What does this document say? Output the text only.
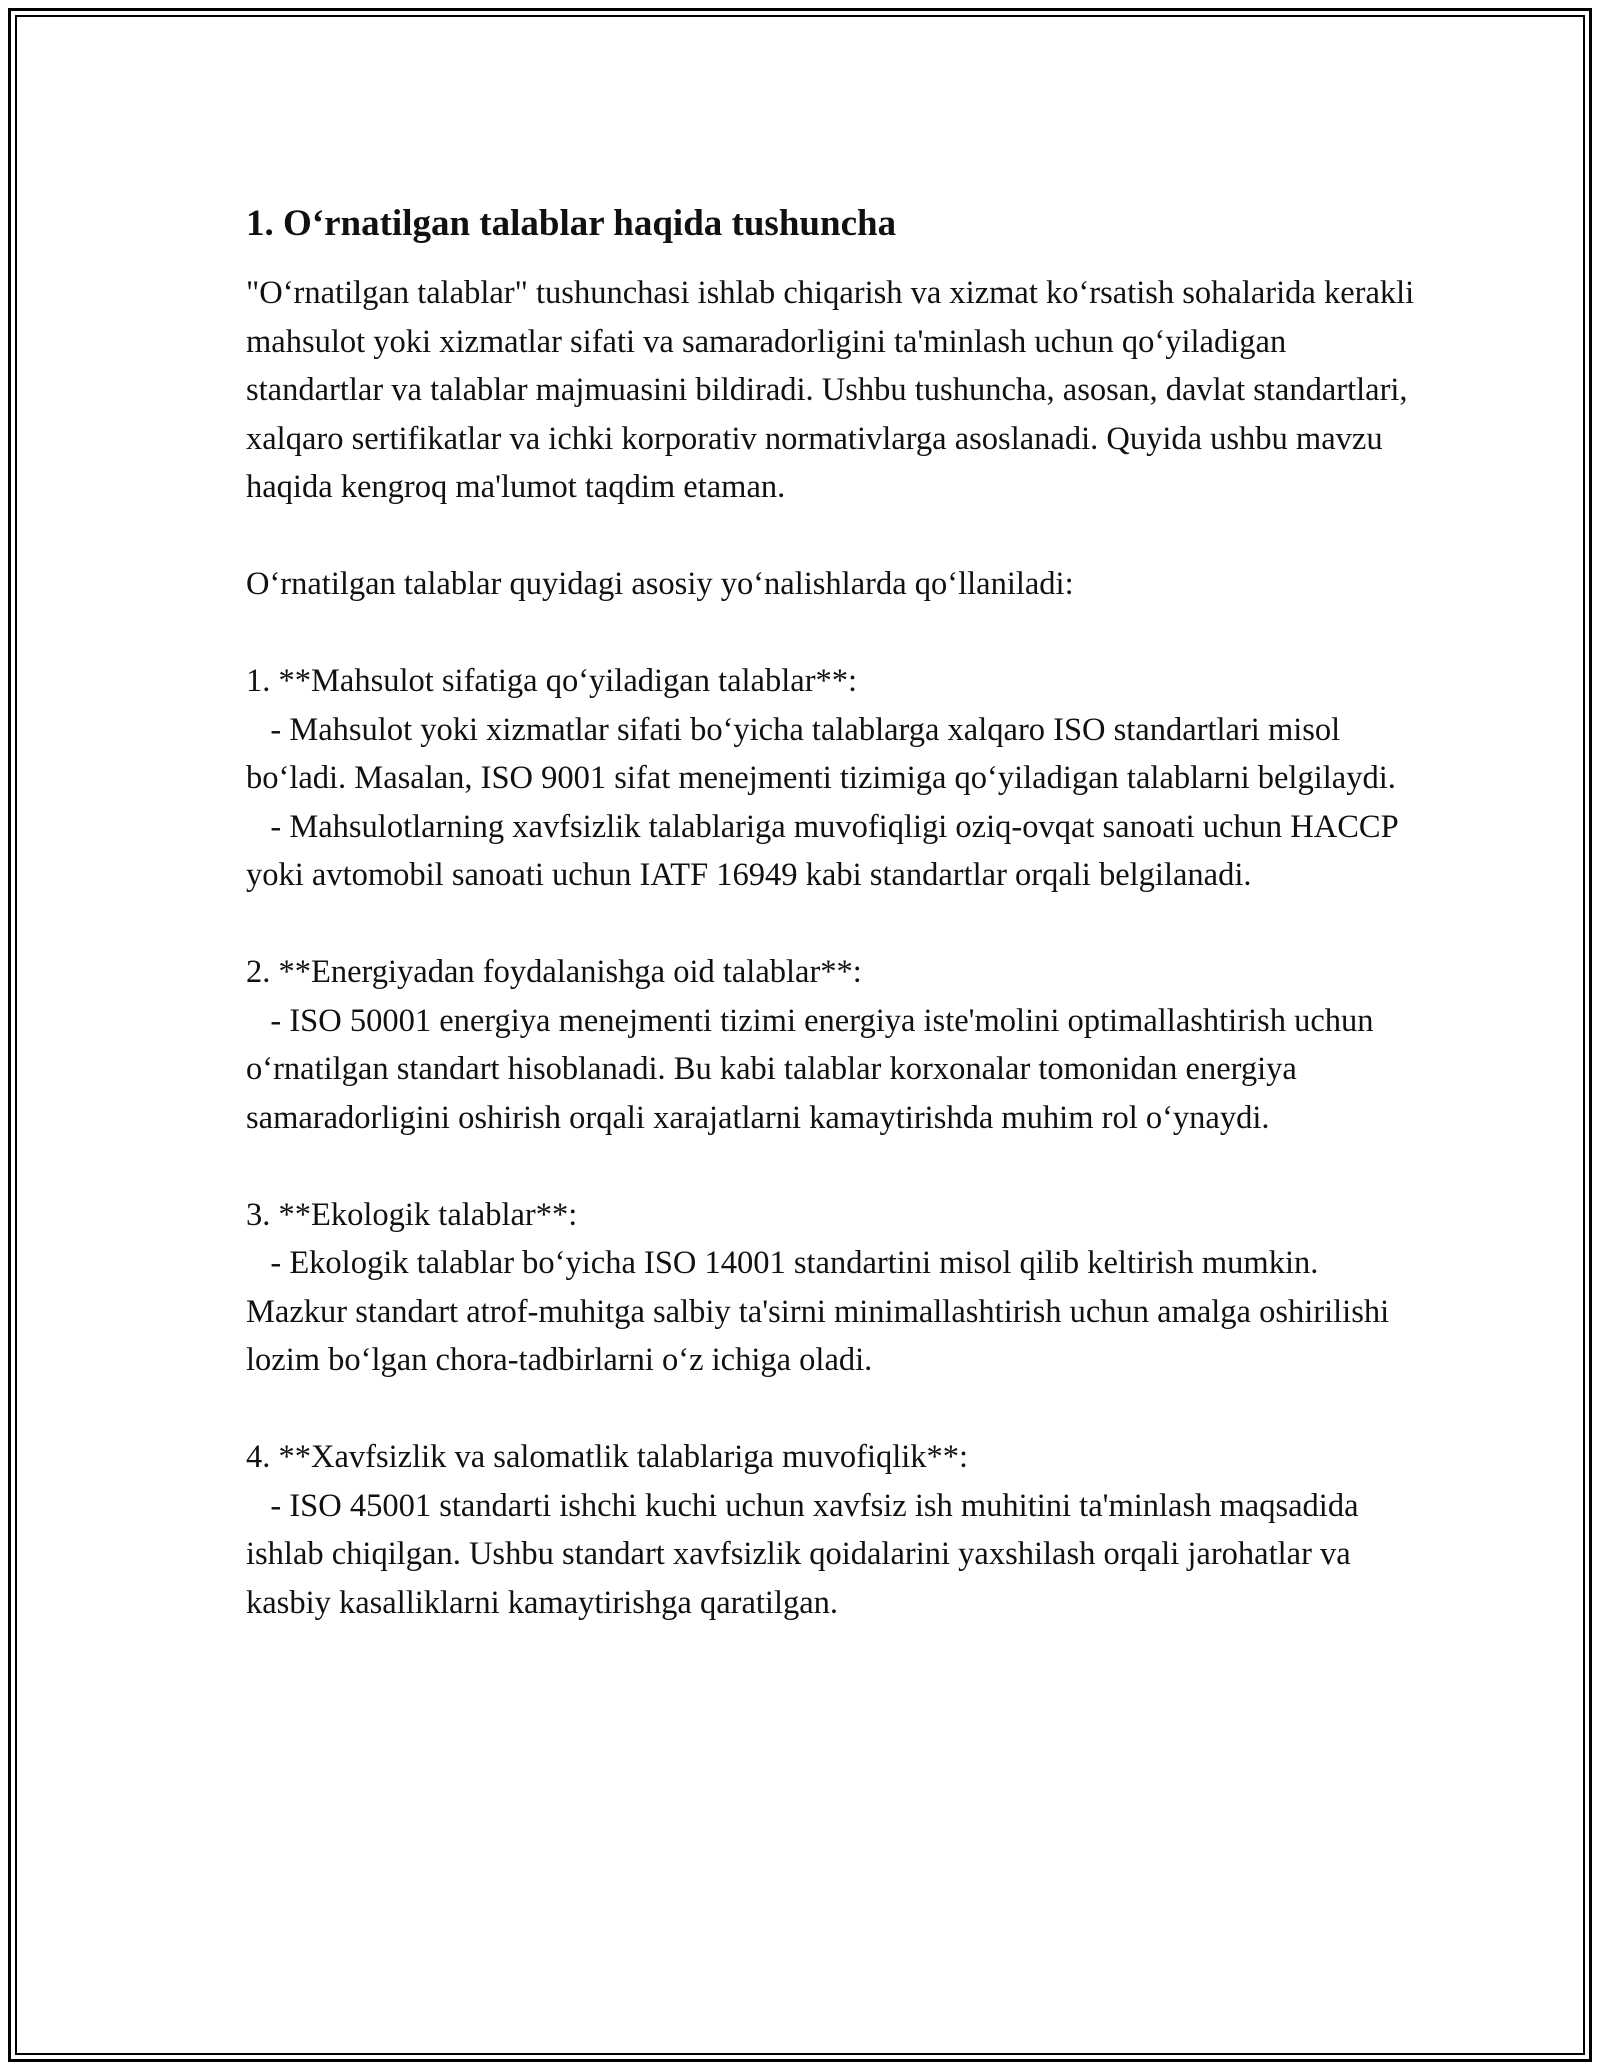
1. O‘rnatilgan talablar haqida tushuncha

"O‘rnatilgan talablar" tushunchasi ishlab chiqarish va xizmat ko‘rsatish sohalarida kerakli mahsulot yoki xizmatlar sifati va samaradorligini ta'minlash uchun qo‘yiladigan standartlar va talablar majmuasini bildiradi. Ushbu tushuncha, asosan, davlat standartlari, xalqaro sertifikatlar va ichki korporativ normativlarga asoslanadi. Quyida ushbu mavzu haqida kengroq ma'lumot taqdim etaman.

O‘rnatilgan talablar quyidagi asosiy yo‘nalishlarda qo‘llaniladi:

1. **Mahsulot sifatiga qo‘yiladigan talablar**:

- Mahsulot yoki xizmatlar sifati bo‘yicha talablarga xalqaro ISO standartlari misol bo‘ladi. Masalan, ISO 9001 sifat menejmenti tizimiga qo‘yiladigan talablarni belgilaydi.

- Mahsulotlarning xavfsizlik talablariga muvofiqligi oziq-ovqat sanoati uchun HACCP yoki avtomobil sanoati uchun IATF 16949 kabi standartlar orqali belgilanadi.

2. **Energiyadan foydalanishga oid talablar**:

- ISO 50001 energiya menejmenti tizimi energiya iste'molini optimallashtirish uchun o‘rnatilgan standart hisoblanadi. Bu kabi talablar korxonalar tomonidan energiya samaradorligini oshirish orqali xarajatlarni kamaytirishda muhim rol o‘ynaydi.

3. **Ekologik talablar**:

- Ekologik talablar bo‘yicha ISO 14001 standartini misol qilib keltirish mumkin. Mazkur standart atrof-muhitga salbiy ta'sirni minimallashtirish uchun amalga oshirilishi lozim bo‘lgan chora-tadbirlarni o‘z ichiga oladi.

4. **Xavfsizlik va salomatlik talablariga muvofiqlik**:

- ISO 45001 standarti ishchi kuchi uchun xavfsiz ish muhitini ta'minlash maqsadida ishlab chiqilgan. Ushbu standart xavfsizlik qoidalarini yaxshilash orqali jarohatlar va kasbiy kasalliklarni kamaytirishga qaratilgan.
